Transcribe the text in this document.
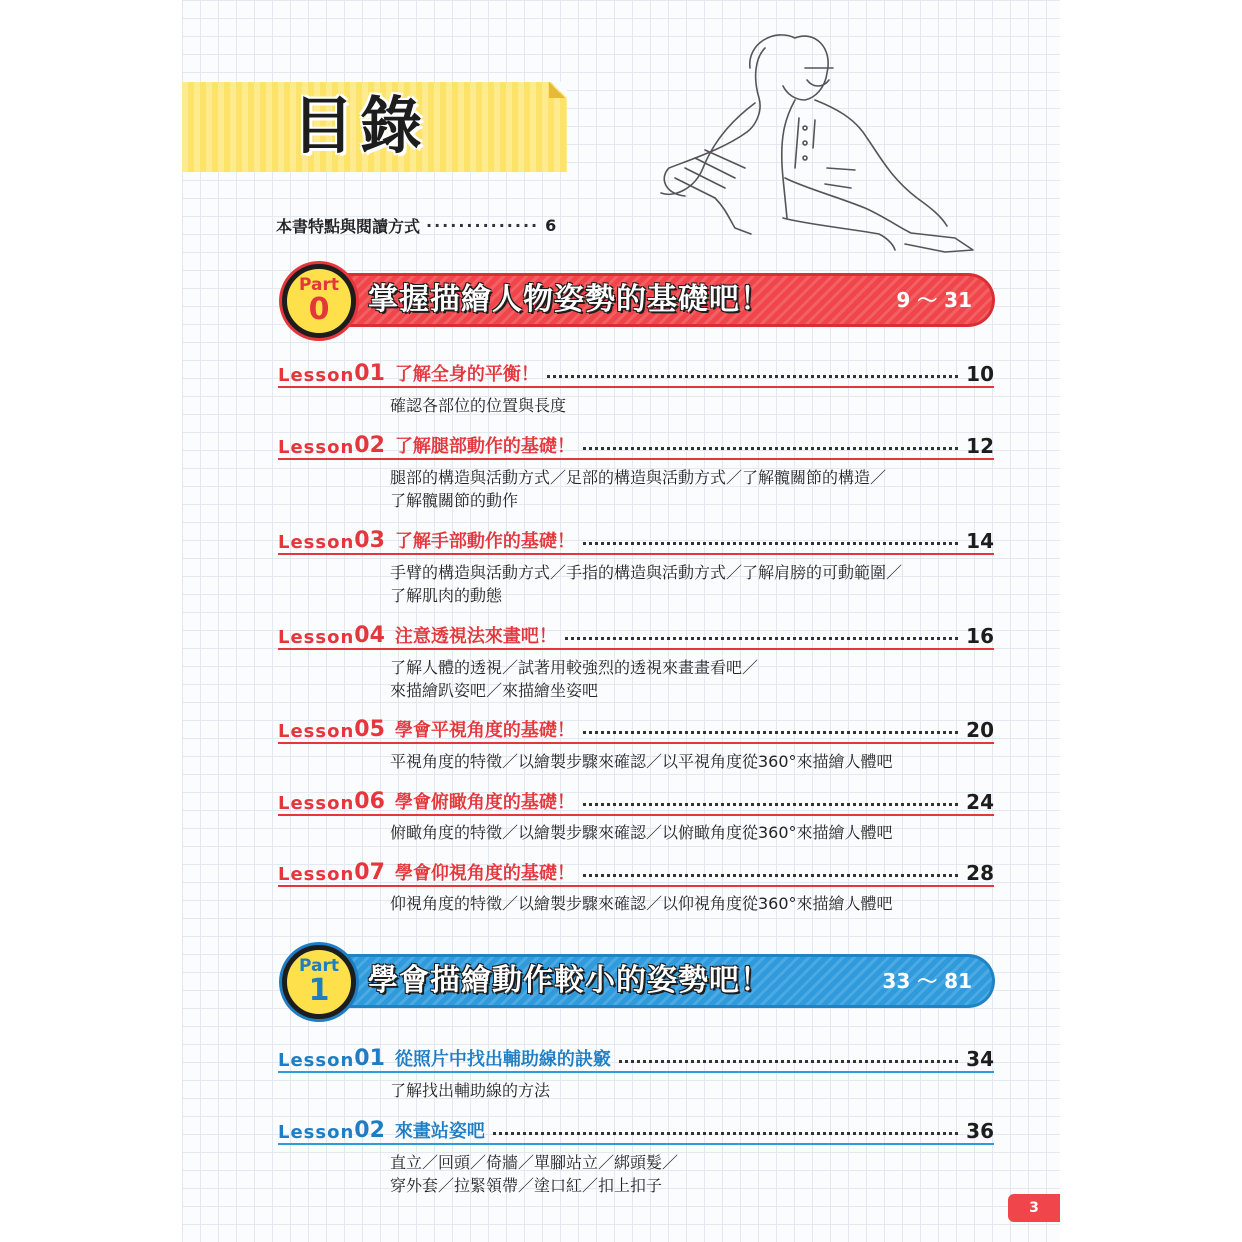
目錄
本書特點與閱讀方式 ·············· 6
Part
0	掌握描繪人物姿勢的基礎吧！	9 ～ 31
Lesson 01 了解全身的平衡！	10
確認各部位的位置與長度
Lesson 02 了解腿部動作的基礎！	12
腿部的構造與活動方式／足部的構造與活動方式／了解髖關節的構造／
了解髖關節的動作
Lesson 03 了解手部動作的基礎！	14
手臂的構造與活動方式／手指的構造與活動方式／了解肩膀的可動範圍／
了解肌肉的動態
Lesson 04 注意透視法來畫吧！	16
了解人體的透視／試著用較強烈的透視來畫畫看吧／
來描繪趴姿吧／來描繪坐姿吧
Lesson 05 學會平視角度的基礎！	20
平視角度的特徵／以繪製步驟來確認／以平視角度從360°來描繪人體吧
Lesson 06 學會俯瞰角度的基礎！	24
俯瞰角度的特徵／以繪製步驟來確認／以俯瞰角度從360°來描繪人體吧
Lesson 07 學會仰視角度的基礎！	28
仰視角度的特徵／以繪製步驟來確認／以仰視角度從360°來描繪人體吧
Part
1	學會描繪動作較小的姿勢吧！	33 ～ 81
Lesson 01 從照片中找出輔助線的訣竅	34
了解找出輔助線的方法
Lesson 02 來畫站姿吧	36
直立／回頭／倚牆／單腳站立／綁頭髮／
穿外套／拉緊領帶／塗口紅／扣上扣子
3
